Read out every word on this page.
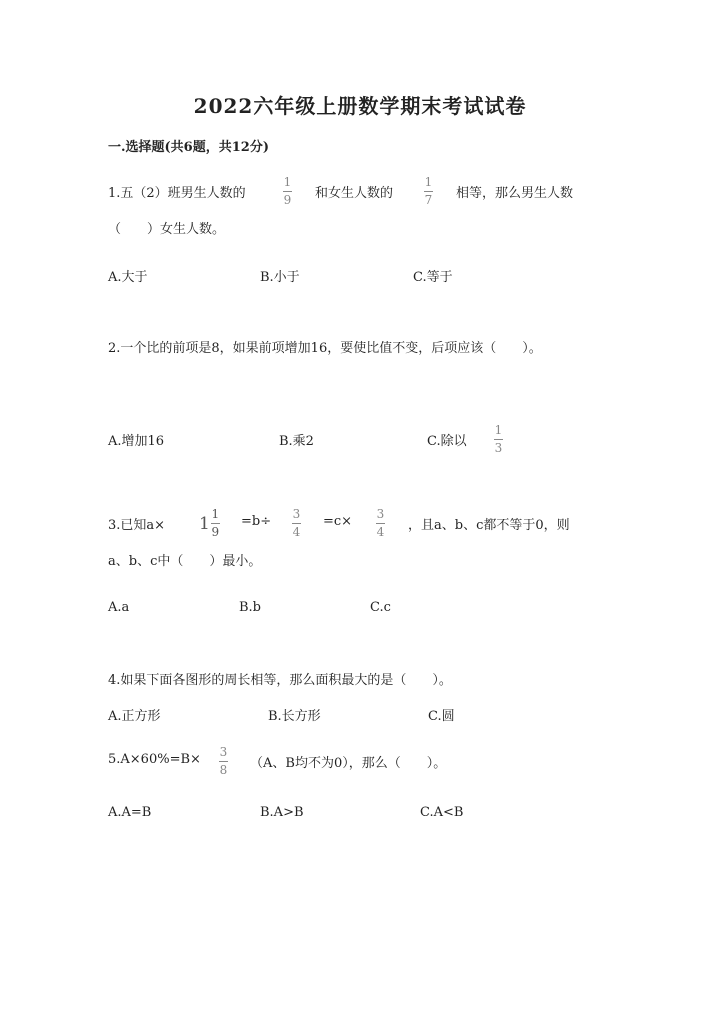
2022六年级上册数学期末考试试卷
一.选择题(共6题，共12分)
1.五（2）班男生人数的
1
9 和女生人数的
1
7 相等，那么男生人数
（　　）女生人数。
A.大于	B.小于	C.等于
2.一个比的前项是8，如果前项增加16，要使比值不变，后项应该（　　）。
A.增加16	B.乘2	C.除以
1
3
3.已知$a\times 1 \frac{1}{9} =b\div 3$
4
=c× 3
4 ，且a、b、c都不等于0，则
a、b、c中（　　）最小。
A.a	B.b	C.c
4.如果下面各图形的周长相等，那么面积最大的是（　　）。
A.正方形	B.长方形	C.圆
5.A×60%=B× 3
8 （A、B均不为0），那么（　　）。
A.A=B	B.A>B	C.A<B
